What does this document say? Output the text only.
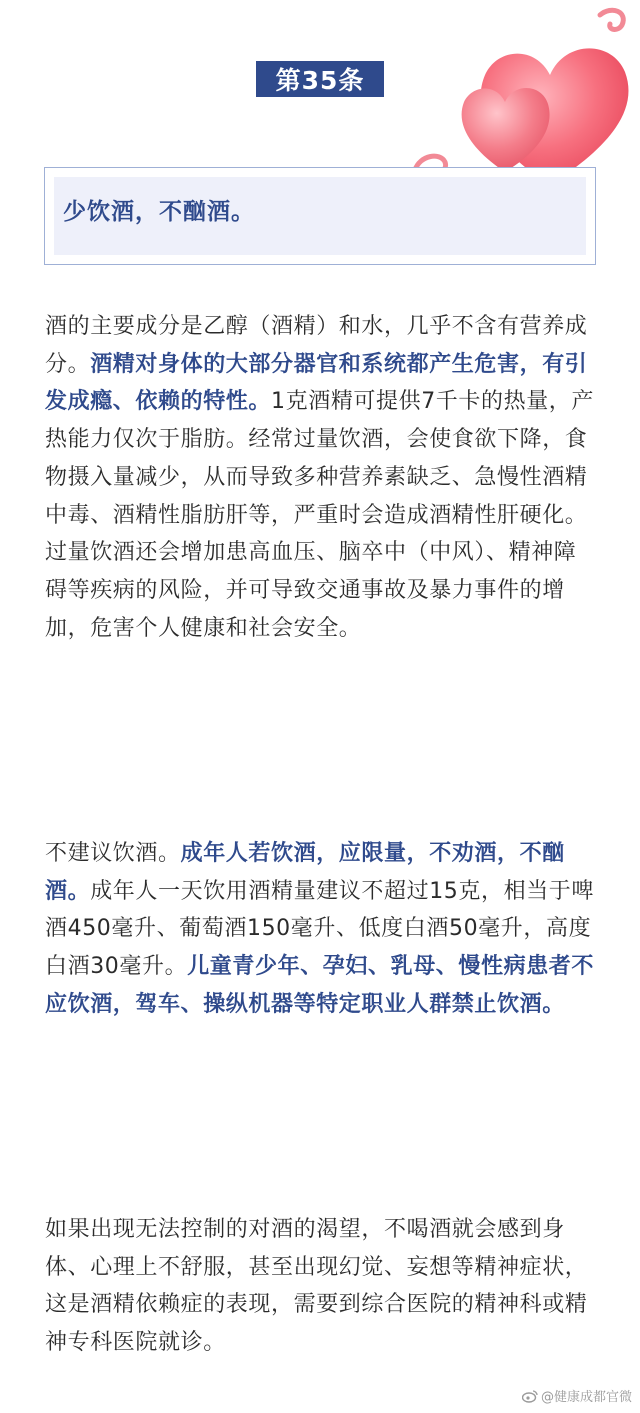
第35条
少饮酒，不酗酒。

酒的主要成分是乙醇（酒精）和水，几乎不含有营养成分。酒精对身体的大部分器官和系统都产生危害，有引发成瘾、依赖的特性。1克酒精可提供7千卡的热量，产热能力仅次于脂肪。经常过量饮酒，会使食欲下降，食物摄入量减少，从而导致多种营养素缺乏、急慢性酒精中毒、酒精性脂肪肝等，严重时会造成酒精性肝硬化。过量饮酒还会增加患高血压、脑卒中（中风）、精神障碍等疾病的风险，并可导致交通事故及暴力事件的增加，危害个人健康和社会安全。

不建议饮酒。成年人若饮酒，应限量，不劝酒，不酗酒。成年人一天饮用酒精量建议不超过15克，相当于啤酒450毫升、葡萄酒150毫升、低度白酒50毫升，高度白酒30毫升。儿童青少年、孕妇、乳母、慢性病患者不应饮酒，驾车、操纵机器等特定职业人群禁止饮酒。

如果出现无法控制的对酒的渴望，不喝酒就会感到身体、心理上不舒服，甚至出现幻觉、妄想等精神症状，这是酒精依赖症的表现，需要到综合医院的精神科或精神专科医院就诊。

@健康成都官微
